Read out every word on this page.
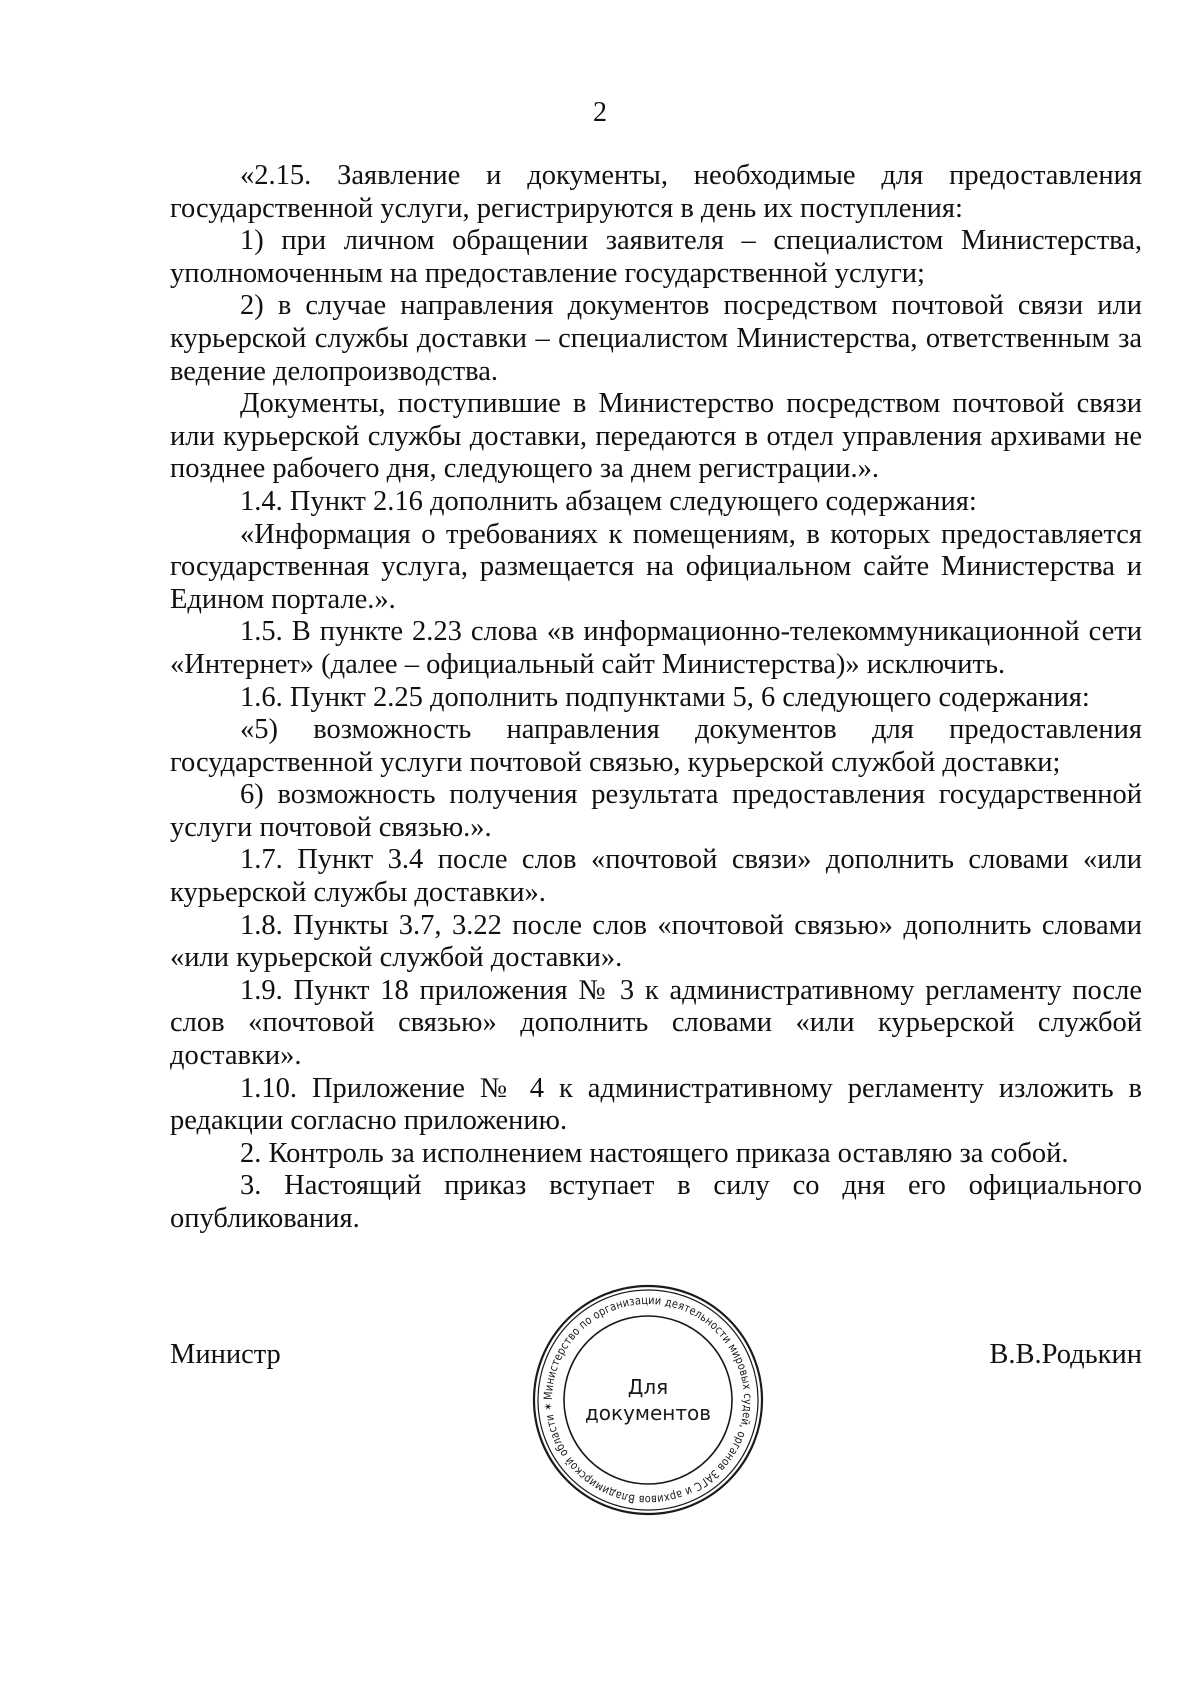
2

«2.15. Заявление и документы, необходимые для предоставления государственной услуги, регистрируются в день их поступления:

1) при личном обращении заявителя – специалистом Министерства, уполномоченным на предоставление государственной услуги;

2) в случае направления документов посредством почтовой связи или курьерской службы доставки – специалистом Министерства, ответственным за ведение делопроизводства.

Документы, поступившие в Министерство посредством почтовой связи или курьерской службы доставки, передаются в отдел управления архивами не позднее рабочего дня, следующего за днем регистрации.».

1.4. Пункт 2.16 дополнить абзацем следующего содержания:

«Информация о требованиях к помещениям, в которых предоставляется государственная услуга, размещается на официальном сайте Министерства и Едином портале.».

1.5. В пункте 2.23 слова «в информационно-телекоммуникационной сети «Интернет» (далее – официальный сайт Министерства)» исключить.

1.6. Пункт 2.25 дополнить подпунктами 5, 6 следующего содержания:

«5) возможность направления документов для предоставления государственной услуги почтовой связью, курьерской службой доставки;

6) возможность получения результата предоставления государственной услуги почтовой связью.».

1.7. Пункт 3.4 после слов «почтовой связи» дополнить словами «или курьерской службы доставки».

1.8. Пункты 3.7, 3.22 после слов «почтовой связью» дополнить словами «или курьерской службой доставки».

1.9. Пункт 18 приложения № 3 к административному регламенту после слов «почтовой связью» дополнить словами «или курьерской службой доставки».

1.10. Приложение № 4 к административному регламенту изложить в редакции согласно приложению.

2. Контроль за исполнением настоящего приказа оставляю за собой.

3. Настоящий приказ вступает в силу со дня его официального опубликования.

Министр
Министерство по организации деятельности мировых судей, органов ЗАГС и архивов Владимирской области ✶
Для
документов
В.В.Родькин
